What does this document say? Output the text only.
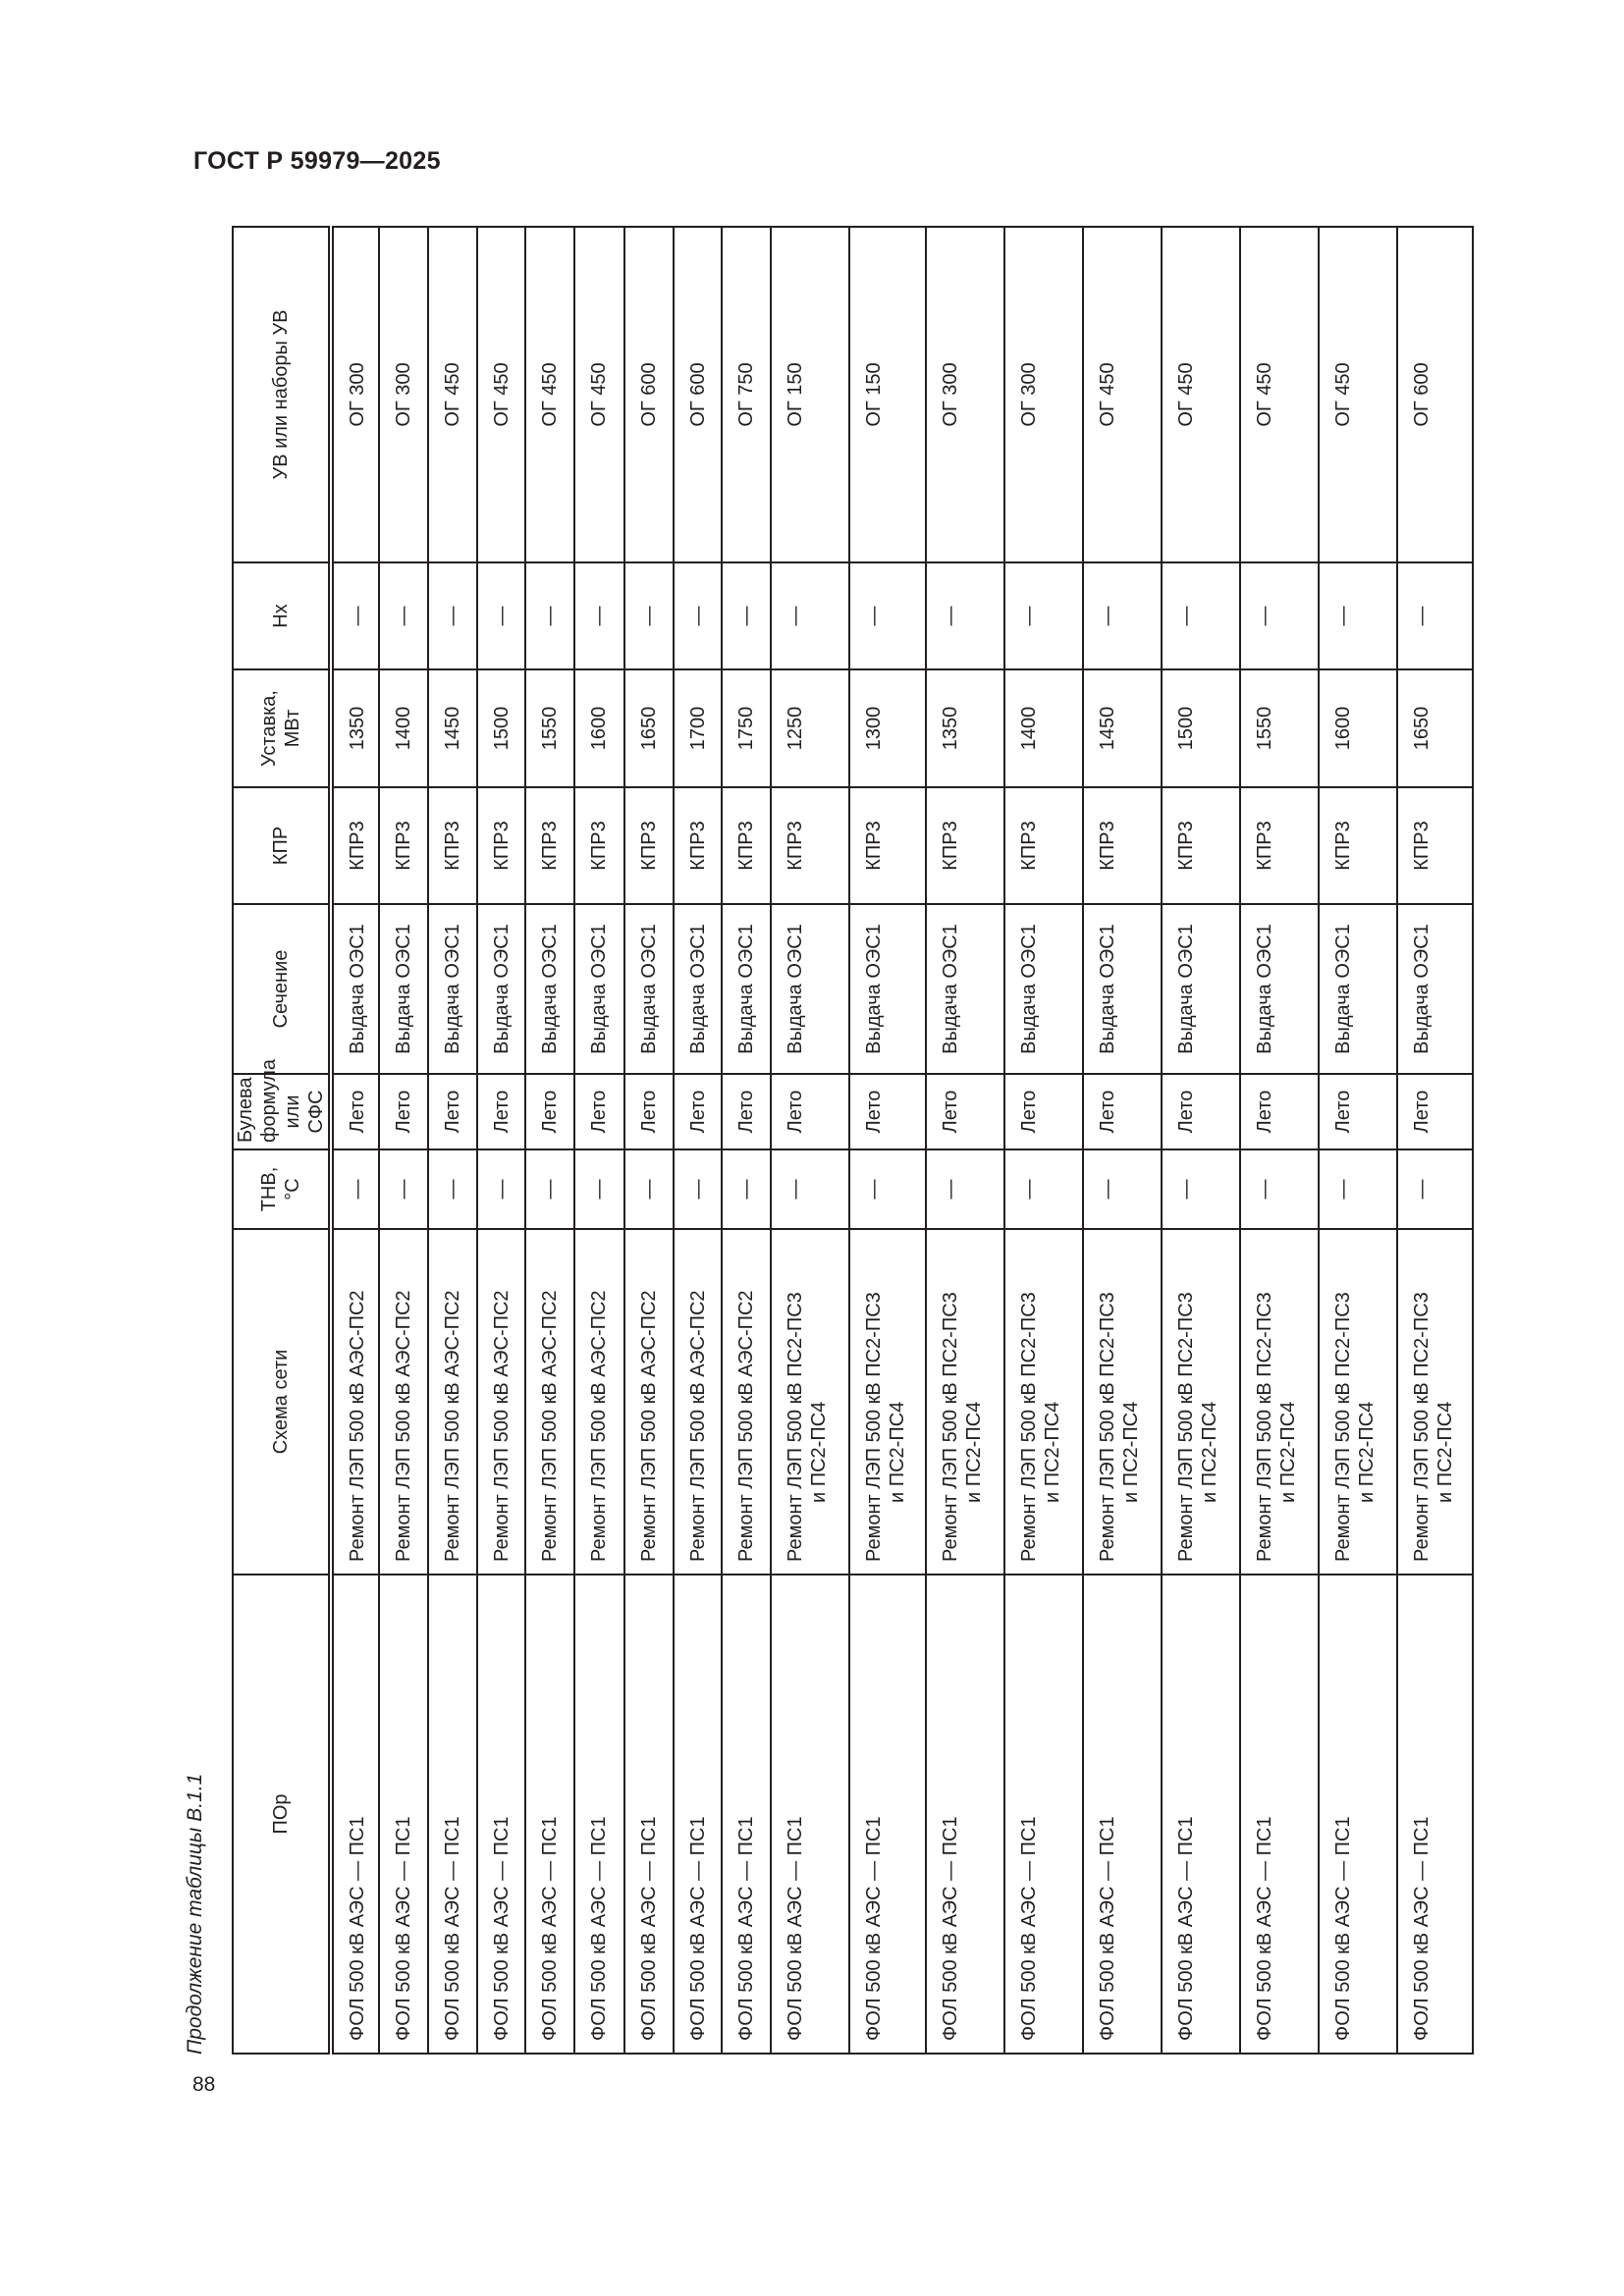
ГОСТ Р 59979—2025
Продолжение таблицы В.1.1	ПОр	Схема сети	ТНВ, °С	Булева формула или СФС	Сечение	КПР	Уставка, МВт	Нх	УВ или наборы УВ
ФОЛ 500 кВ АЭС — ПС1	Ремонт ЛЭП 500 кВ АЭС-ПС2	—	Лето	Выдача ОЭС1	КПР3	1350	—	ОГ 300
ФОЛ 500 кВ АЭС — ПС1	Ремонт ЛЭП 500 кВ АЭС-ПС2	—	Лето	Выдача ОЭС1	КПР3	1400	—	ОГ 300
ФОЛ 500 кВ АЭС — ПС1	Ремонт ЛЭП 500 кВ АЭС-ПС2	—	Лето	Выдача ОЭС1	КПР3	1450	—	ОГ 450
ФОЛ 500 кВ АЭС — ПС1	Ремонт ЛЭП 500 кВ АЭС-ПС2	—	Лето	Выдача ОЭС1	КПР3	1500	—	ОГ 450
ФОЛ 500 кВ АЭС — ПС1	Ремонт ЛЭП 500 кВ АЭС-ПС2	—	Лето	Выдача ОЭС1	КПР3	1550	—	ОГ 450
ФОЛ 500 кВ АЭС — ПС1	Ремонт ЛЭП 500 кВ АЭС-ПС2	—	Лето	Выдача ОЭС1	КПР3	1600	—	ОГ 450
ФОЛ 500 кВ АЭС — ПС1	Ремонт ЛЭП 500 кВ АЭС-ПС2	—	Лето	Выдача ОЭС1	КПР3	1650	—	ОГ 600
ФОЛ 500 кВ АЭС — ПС1	Ремонт ЛЭП 500 кВ АЭС-ПС2	—	Лето	Выдача ОЭС1	КПР3	1700	—	ОГ 600
ФОЛ 500 кВ АЭС — ПС1	Ремонт ЛЭП 500 кВ АЭС-ПС2	—	Лето	Выдача ОЭС1	КПР3	1750	—	ОГ 750
ФОЛ 500 кВ АЭС — ПС1	Ремонт ЛЭП 500 кВ ПС2-ПС3 и ПС2-ПС4	—	Лето	Выдача ОЭС1	КПР3	1250	—	ОГ 150
ФОЛ 500 кВ АЭС — ПС1	Ремонт ЛЭП 500 кВ ПС2-ПС3 и ПС2-ПС4	—	Лето	Выдача ОЭС1	КПР3	1300	—	ОГ 150
ФОЛ 500 кВ АЭС — ПС1	Ремонт ЛЭП 500 кВ ПС2-ПС3 и ПС2-ПС4	—	Лето	Выдача ОЭС1	КПР3	1350	—	ОГ 300
ФОЛ 500 кВ АЭС — ПС1	Ремонт ЛЭП 500 кВ ПС2-ПС3 и ПС2-ПС4	—	Лето	Выдача ОЭС1	КПР3	1400	—	ОГ 300
ФОЛ 500 кВ АЭС — ПС1	Ремонт ЛЭП 500 кВ ПС2-ПС3 и ПС2-ПС4	—	Лето	Выдача ОЭС1	КПР3	1450	—	ОГ 450
ФОЛ 500 кВ АЭС — ПС1	Ремонт ЛЭП 500 кВ ПС2-ПС3 и ПС2-ПС4	—	Лето	Выдача ОЭС1	КПР3	1500	—	ОГ 450
ФОЛ 500 кВ АЭС — ПС1	Ремонт ЛЭП 500 кВ ПС2-ПС3 и ПС2-ПС4	—	Лето	Выдача ОЭС1	КПР3	1550	—	ОГ 450
ФОЛ 500 кВ АЭС — ПС1	Ремонт ЛЭП 500 кВ ПС2-ПС3 и ПС2-ПС4	—	Лето	Выдача ОЭС1	КПР3	1600	—	ОГ 450
ФОЛ 500 кВ АЭС — ПС1	Ремонт ЛЭП 500 кВ ПС2-ПС3 и ПС2-ПС4	—	Лето	Выдача ОЭС1	КПР3	1650	—	ОГ 600
88
